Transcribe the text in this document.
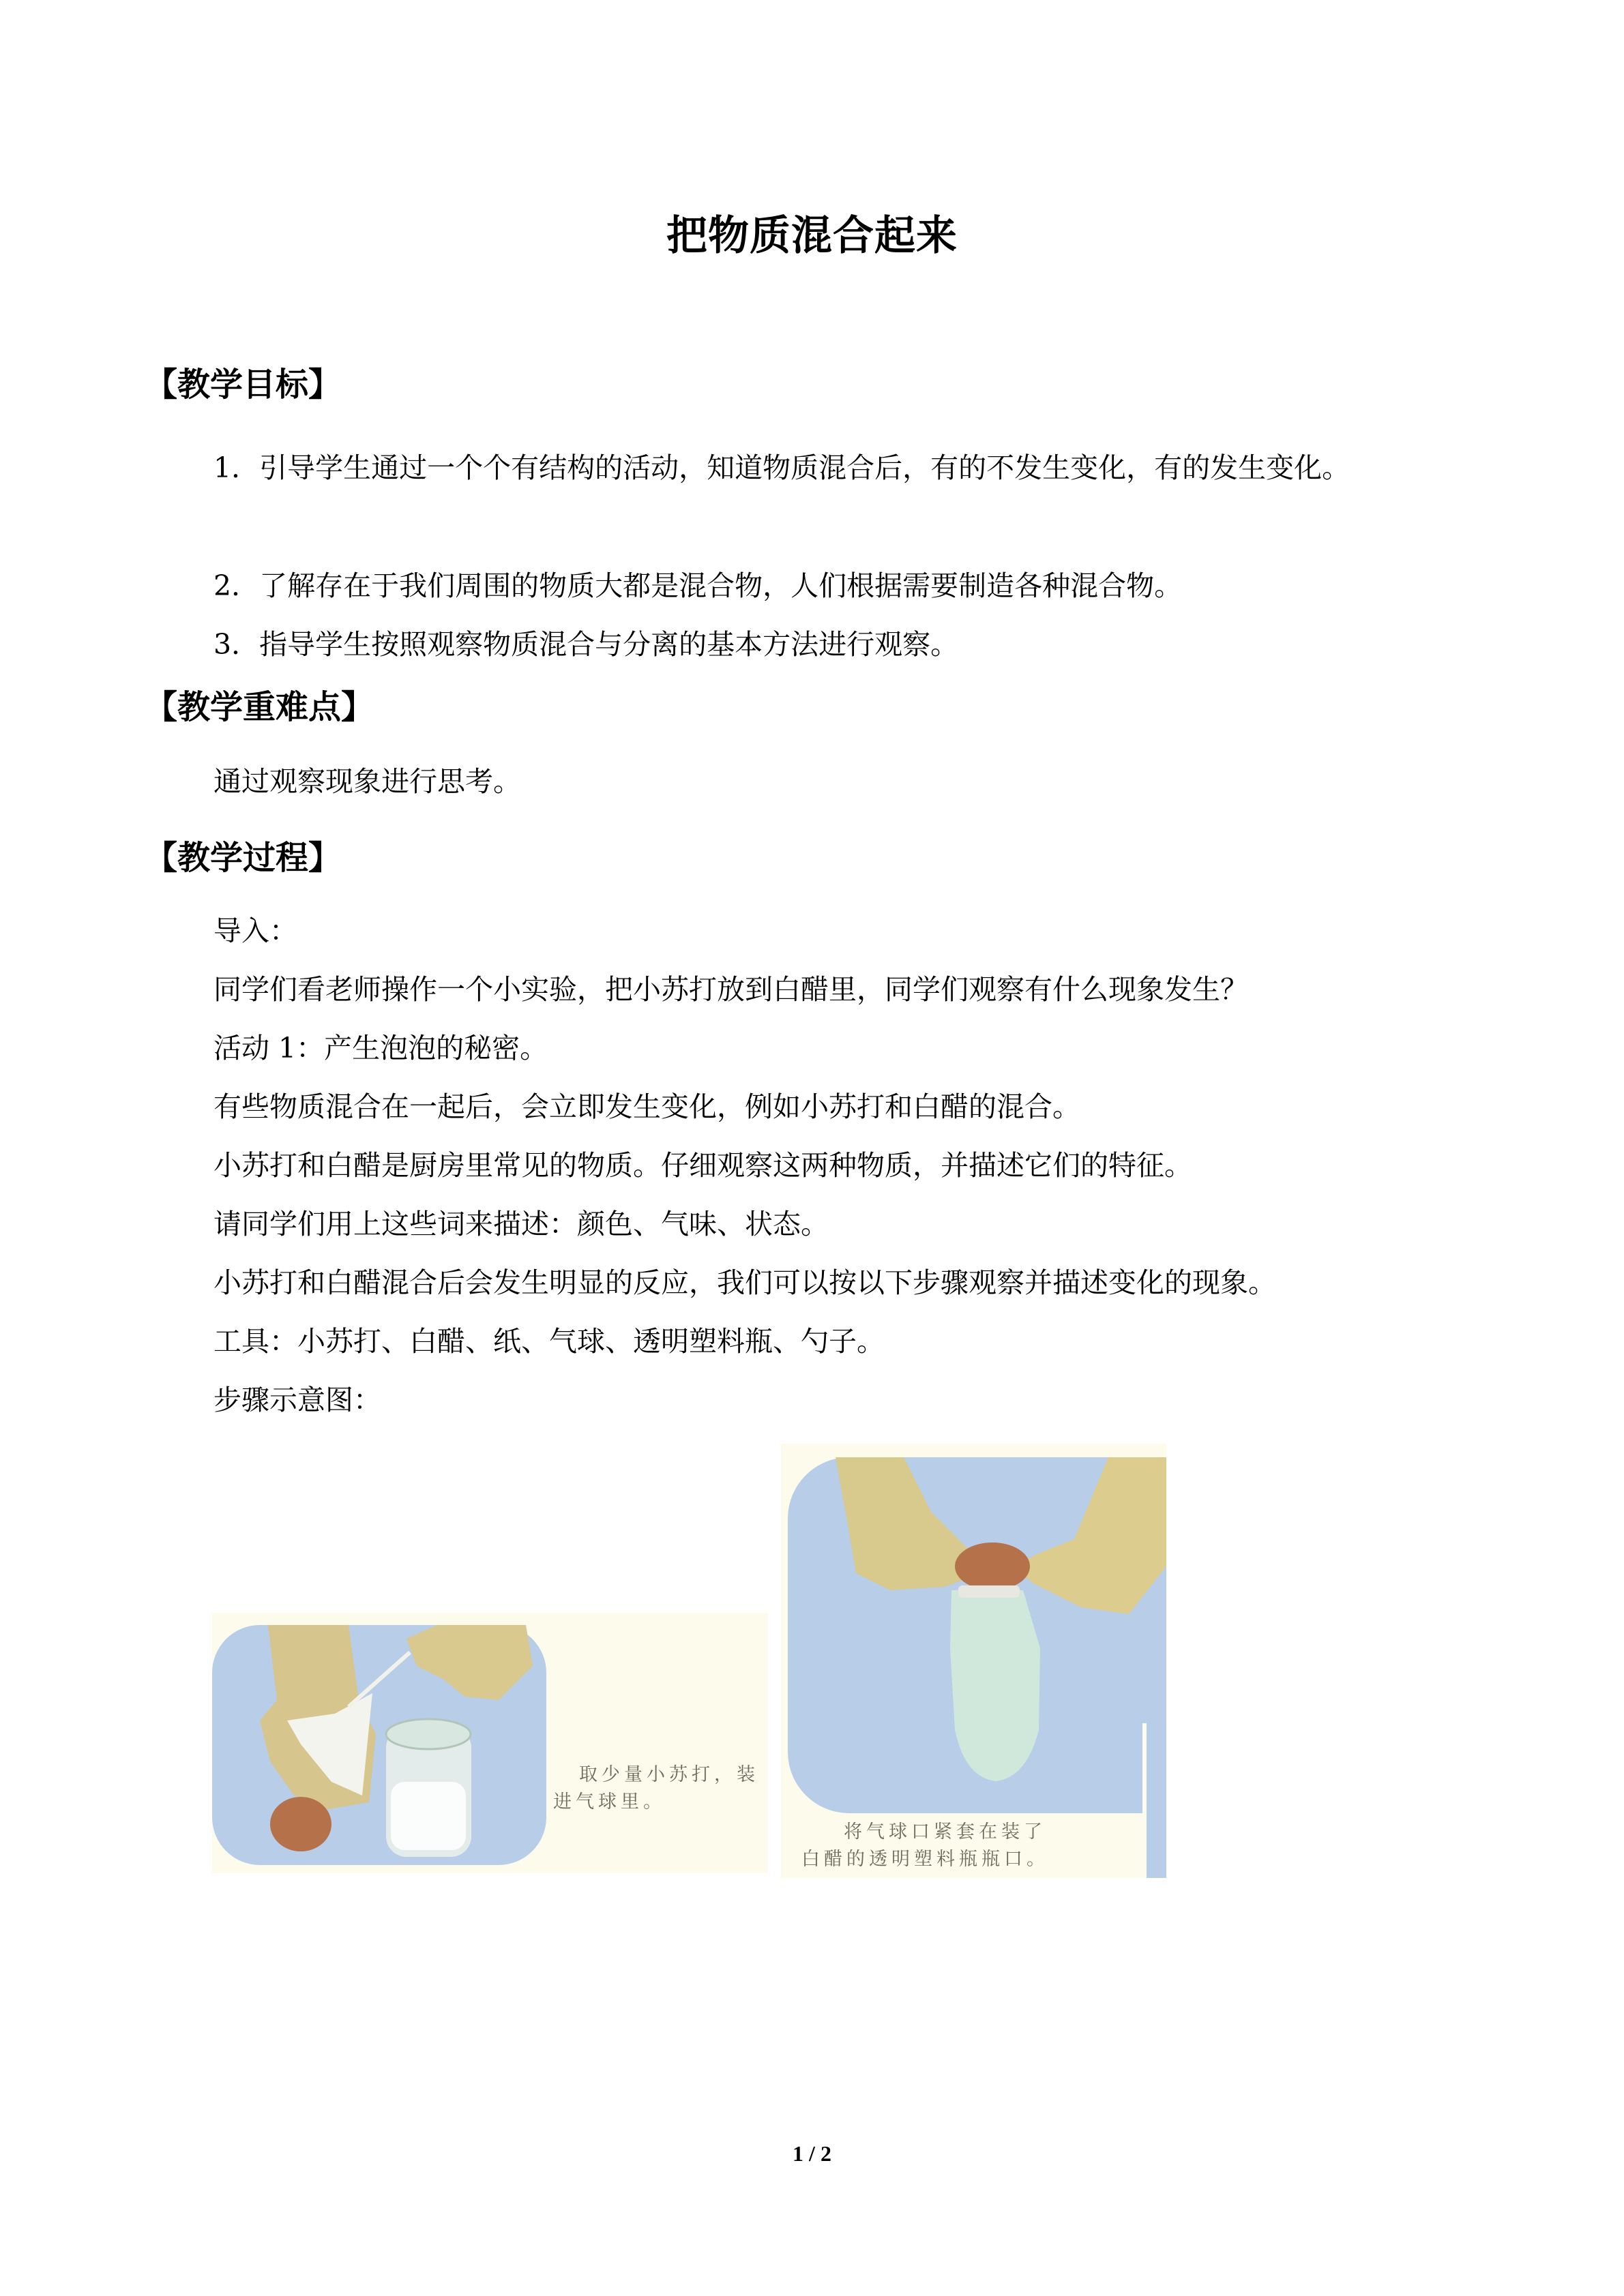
把物质混合起来
【教学目标】
1．引导学生通过一个个有结构的活动，知道物质混合后，有的不发生变化，有的发生变化。
2．了解存在于我们周围的物质大都是混合物，人们根据需要制造各种混合物。
3．指导学生按照观察物质混合与分离的基本方法进行观察。
【教学重难点】
通过观察现象进行思考。
【教学过程】
导入：
同学们看老师操作一个小实验，把小苏打放到白醋里，同学们观察有什么现象发生？
活动 1：产生泡泡的秘密。
有些物质混合在一起后，会立即发生变化，例如小苏打和白醋的混合。
小苏打和白醋是厨房里常见的物质。仔细观察这两种物质，并描述它们的特征。
请同学们用上这些词来描述：颜色、气味、状态。
小苏打和白醋混合后会发生明显的反应，我们可以按以下步骤观察并描述变化的现象。
工具：小苏打、白醋、纸、气球、透明塑料瓶、勺子。
步骤示意图：
取少量小苏打，装
进气球里。
将气球口紧套在装了
白醋的透明塑料瓶瓶口。
1 / 2
